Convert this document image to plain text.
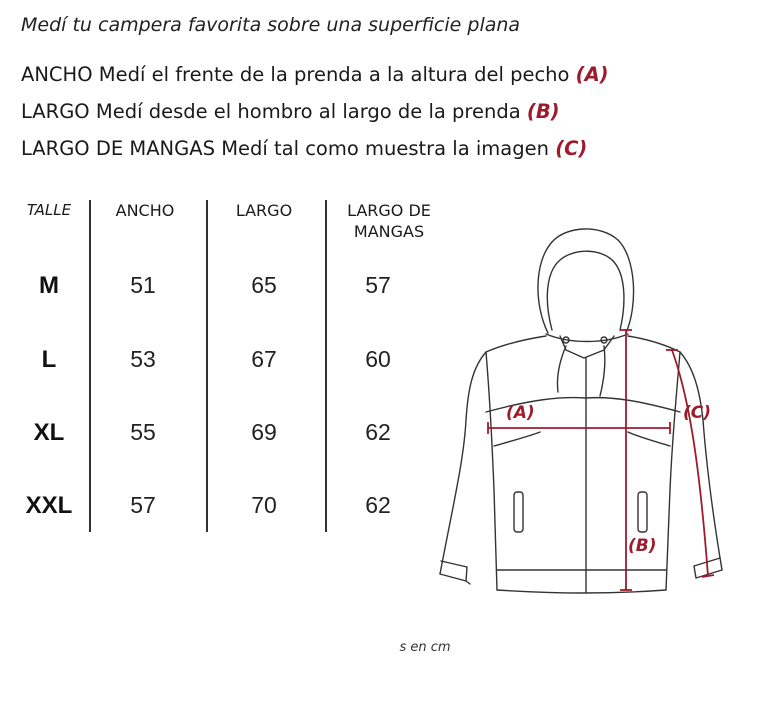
Medí tu campera favorita sobre una superficie plana
ANCHO Medí el frente de la prenda a la altura del pecho (A)
LARGO Medí desde el hombro al largo de la prenda (B)
LARGO DE MANGAS Medí tal como muestra la imagen (C)
TALLE	ANCHO	LARGO	LARGO DE
MANGAS
M	51	65	57
L	53	67	60
XL	55	69	62
XXL	57	70	62
(A)
(B)
(C)
s en cm
